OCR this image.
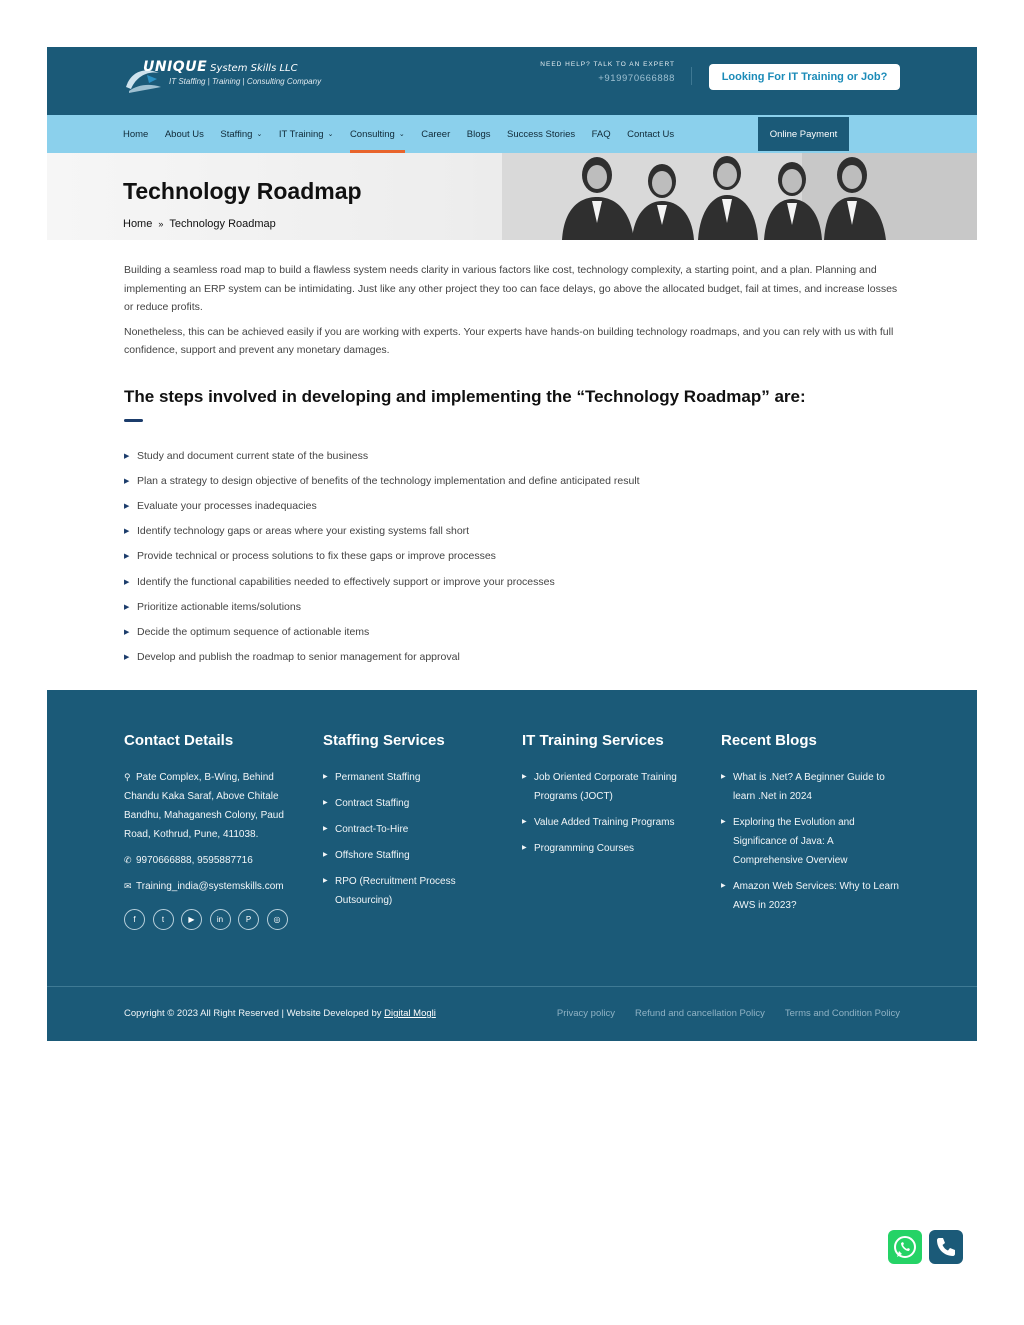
UNIQUE System Skills LLC
IT Staffing | Training | Consulting Company
NEED HELP? TALK TO AN EXPERT
+919970666888	Looking For IT Training or Job?
Home About Us Staffing ⌄ IT Training ⌄ Consulting ⌄ Career Blogs Success Stories FAQ Contact Us	Online Payment
Technology Roadmap
Home » Technology Roadmap

Building a seamless road map to build a flawless system needs clarity in various factors like cost, technology complexity, a starting point, and a plan. Planning and implementing an ERP system can be intimidating. Just like any other project they too can face delays, go above the allocated budget, fail at times, and increase losses or reduce profits.

Nonetheless, this can be achieved easily if you are working with experts. Your experts have hands-on building technology roadmaps, and you can rely with us with full confidence, support and prevent any monetary damages.

The steps involved in developing and implementing the “Technology Roadmap” are:
▶ Study and document current state of the business
▶ Plan a strategy to design objective of benefits of the technology implementation and define anticipated result
▶ Evaluate your processes inadequacies
▶ Identify technology gaps or areas where your existing systems fall short
▶ Provide technical or process solutions to fix these gaps or improve processes
▶ Identify the functional capabilities needed to effectively support or improve your processes
▶ Prioritize actionable items/solutions
▶ Decide the optimum sequence of actionable items
▶ Develop and publish the roadmap to senior management for approval
Contact Details
⚲ Pate Complex, B-Wing, Behind Chandu Kaka Saraf, Above Chitale Bandhu, Mahaganesh Colony, Paud Road, Kothrud, Pune, 411038.
✆ 9970666888, 9595887716
✉ Training_india@systemskills.com
f	t	▶	in	P	◎
Staffing Services
▶ Permanent Staffing
▶ Contract Staffing
▶ Contract-To-Hire
▶ Offshore Staffing
▶ RPO (Recruitment Process Outsourcing)
IT Training Services
▶ Job Oriented Corporate Training Programs (JOCT)
▶ Value Added Training Programs
▶ Programming Courses
Recent Blogs
▶ What is .Net? A Beginner Guide to learn .Net in 2024
▶ Exploring the Evolution and Significance of Java: A Comprehensive Overview
▶ Amazon Web Services: Why to Learn AWS in 2023?
Copyright © 2023 All Right Reserved | Website Developed by Digital Mogli	Privacy policy Refund and cancellation Policy Terms and Condition Policy
